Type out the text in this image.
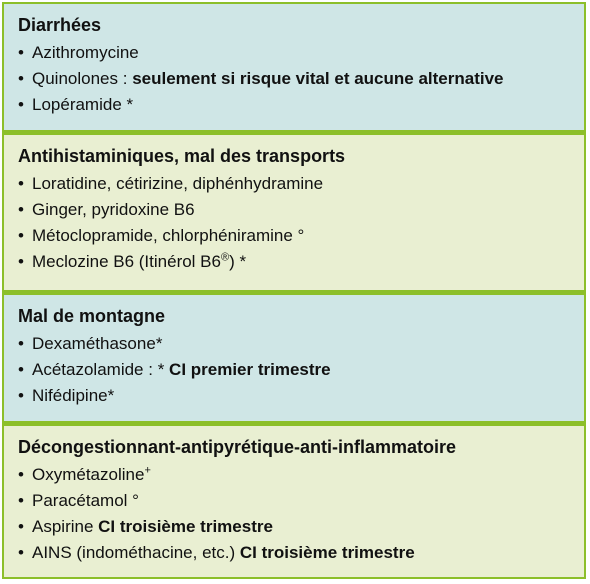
Diarrhées
• Azithromycine
• Quinolones : seulement si risque vital et aucune alternative
• Lopéramide *
Antihistaminiques, mal des transports
• Loratidine, cétirizine, diphénhydramine
• Ginger, pyridoxine B6
• Métoclopramide, chlorphéniramine °
• Meclozine B6 (Itinérol B6®) *
Mal de montagne
• Dexaméthasone*
• Acétazolamide : * CI premier trimestre
• Nifédipine*
Décongestionnant-antipyrétique-anti-inflammatoire
• Oxymétazoline+
• Paracétamol °
• Aspirine CI troisième trimestre
• AINS (indométhacine, etc.) CI troisième trimestre
